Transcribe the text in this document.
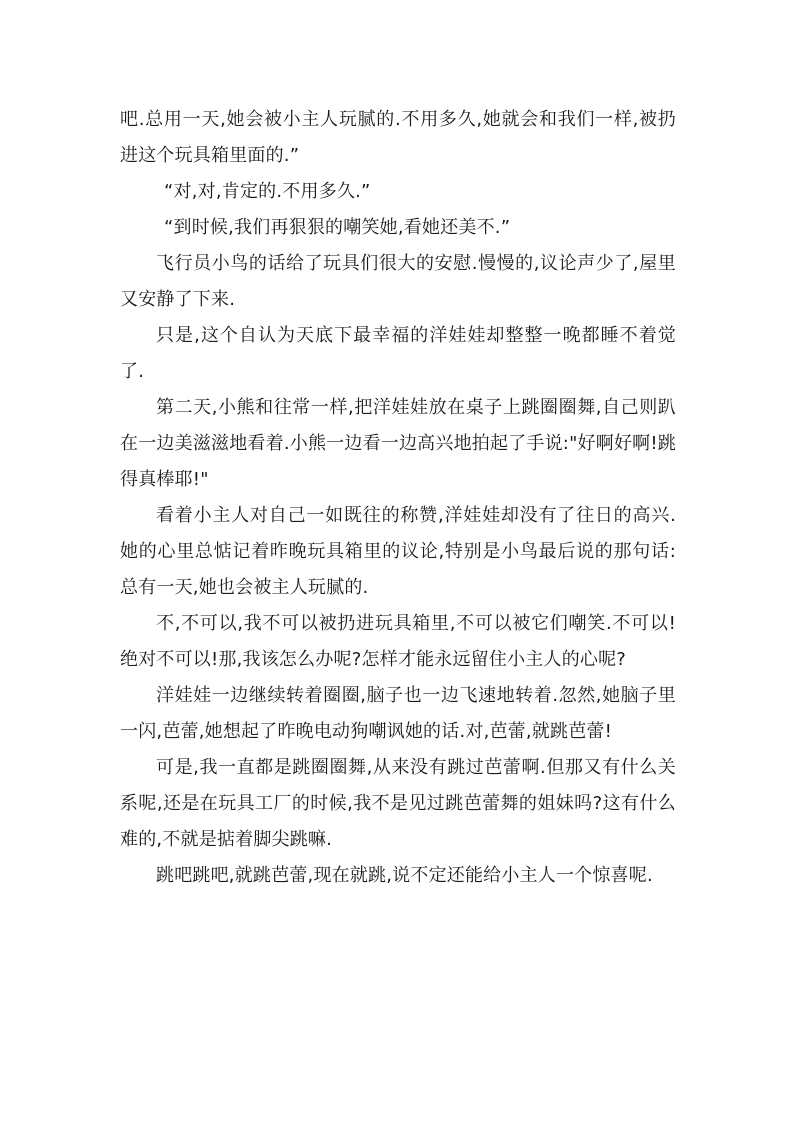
吧.总用一天,她会被小主人玩腻的.不用多久,她就会和我们一样,被扔进这个玩具箱里面的.”

“对,对,肯定的.不用多久.”

“到时候,我们再狠狠的嘲笑她,看她还美不.”

飞行员小鸟的话给了玩具们很大的安慰.慢慢的,议论声少了,屋里又安静了下来.

只是,这个自认为天底下最幸福的洋娃娃却整整一晚都睡不着觉了.

第二天,小熊和往常一样,把洋娃娃放在桌子上跳圈圈舞,自己则趴在一边美滋滋地看着.小熊一边看一边高兴地拍起了手说:"好啊好啊!跳得真棒耶!"

看着小主人对自己一如既往的称赞,洋娃娃却没有了往日的高兴.她的心里总惦记着昨晚玩具箱里的议论,特别是小鸟最后说的那句话:总有一天,她也会被主人玩腻的.

不,不可以,我不可以被扔进玩具箱里,不可以被它们嘲笑.不可以!绝对不可以!那,我该怎么办呢?怎样才能永远留住小主人的心呢?

洋娃娃一边继续转着圈圈,脑子也一边飞速地转着.忽然,她脑子里一闪,芭蕾,她想起了昨晚电动狗嘲讽她的话.对,芭蕾,就跳芭蕾!

可是,我一直都是跳圈圈舞,从来没有跳过芭蕾啊.但那又有什么关系呢,还是在玩具工厂的时候,我不是见过跳芭蕾舞的姐妹吗?这有什么难的,不就是掂着脚尖跳嘛.

跳吧跳吧,就跳芭蕾,现在就跳,说不定还能给小主人一个惊喜呢.
